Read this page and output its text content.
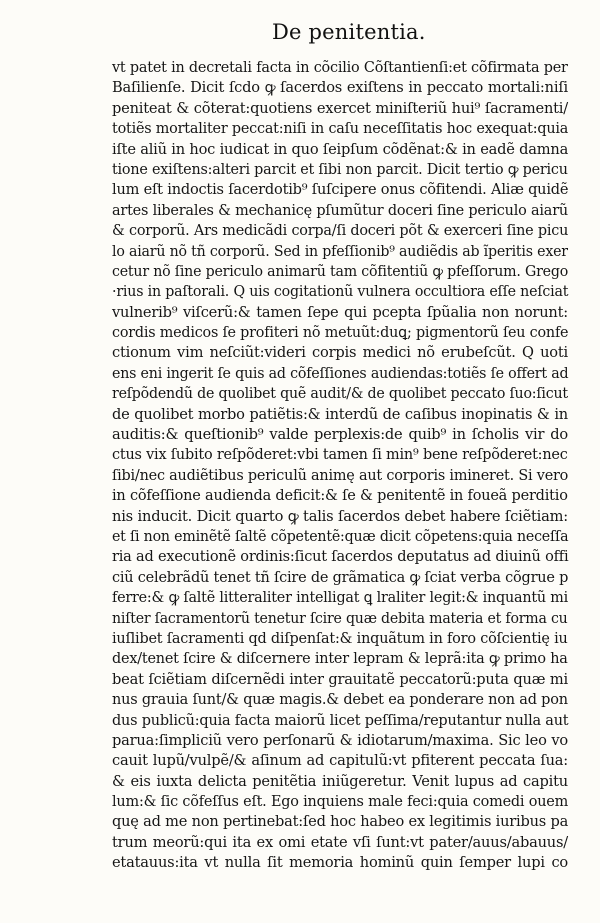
De penitentia.
vt patet in decretali facta in cõcilio Cõſtantienſi:et cõfirmata per
Baſilienſe. Dicit ſcdo ꝙ ſacerdos exiſtens in peccato mortali:niſi
peniteat & cõterat:quotiens exercet miniſteriũ hui⁹ ſacramenti/
totiẽs mortaliter peccat:niſi in caſu neceſſitatis hoc exequat:quia
iſte aliũ in hoc iudicat in quo ſeipſum cõdẽnat:& in eadẽ damna
tione exiſtens:alteri parcit et ſibi non parcit. Dicit tertio ꝙ pericu
lum eſt indoctis ſacerdotib⁹ ſuſcipere onus cõfitendi. Aliæ quidẽ
artes liberales & mechanicę pſumũtur doceri ſine periculo aiarũ
& corporũ. Ars medicãdi corpa/ſi doceri põt & exerceri ſine picu
lo aiarũ nõ tñ corporũ. Sed in pfeſſionib⁹ audiẽdis ab ĩperitis exer
cetur nõ ſine periculo animarũ tam cõfitentiũ ꝙ pfeſſorum. Grego
·rius in paſtorali. Q uis cogitationũ vulnera occultiora eſſe neſciat
vulnerib⁹ viſcerũ:& tamen ſepe qui pcepta ſpũalia non norunt:
cordis medicos ſe profiteri nõ metuũt:duꝗ; pigmentorũ ſeu confe
ctionum vim neſciũt:videri corpis medici nõ erubeſcũt. Q uoti
ens eni ingerit ſe quis ad cõfeſſiones audiendas:totiẽs ſe offert ad
reſpõdendũ de quolibet quẽ audit/& de quolibet peccato ſuo:ſicut
de quolibet morbo patiẽtis:& interdũ de caſibus inopinatis & in
auditis:& queſtionib⁹ valde perplexis:de quib⁹ in ſcholis vir do
ctus vix ſubito reſpõderet:vbi tamen ſi min⁹ bene reſpõderet:nec
ſibi/nec audiẽtibus periculũ animę aut corporis imineret. Si vero
in cõfeſſione audienda deficit:& ſe & penitentẽ in foueã perditio
nis inducit. Dicit quarto ꝙ talis ſacerdos debet habere ſciẽtiam:
et ſi non eminẽtẽ ſaltẽ cõpetentẽ:quæ dicit cõpetens:quia neceſſa
ria ad executionẽ ordinis:ſicut ſacerdos deputatus ad diuinũ offi
ciũ celebrãdũ tenet tñ ſcire de grãmatica ꝙ ſciat verba cõgrue p
ferre:& ꝙ ſaltẽ litteraliter intelligat ꝗ lraliter legit:& inquantũ mi
niſter ſacramentorũ tenetur ſcire quæ debita materia et forma cu
iuſlibet ſacramenti qd diſpenſat:& inquãtum in foro cõſcientię iu
dex/tenet ſcire & diſcernere inter lepram & leprã:ita ꝙ primo ha
beat ſciẽtiam diſcernẽdi inter grauitatẽ peccatorũ:puta quæ mi
nus grauia ſunt/& quæ magis.& debet ea ponderare non ad pon
dus publicũ:quia facta maiorũ licet peſſima/reputantur nulla aut
parua:ſimpliciũ vero perſonarũ & idiotarum/maxima. Sic leo vo
cauit lupũ/vulpẽ/& aſinum ad capitulũ:vt pfiterent peccata ſua:
& eis iuxta delicta penitẽtia iniũgeretur. Venit lupus ad capitu
lum:& ſic cõfeſſus eſt. Ego inquiens male feci:quia comedi ouem
quę ad me non pertinebat:ſed hoc habeo ex legitimis iuribus pa
trum meorũ:qui ita ex omi etate vſi ſunt:vt pater/auus/abauus/
etatauus:ita vt nulla ſit memoria hominũ quin ſemper lupi co
